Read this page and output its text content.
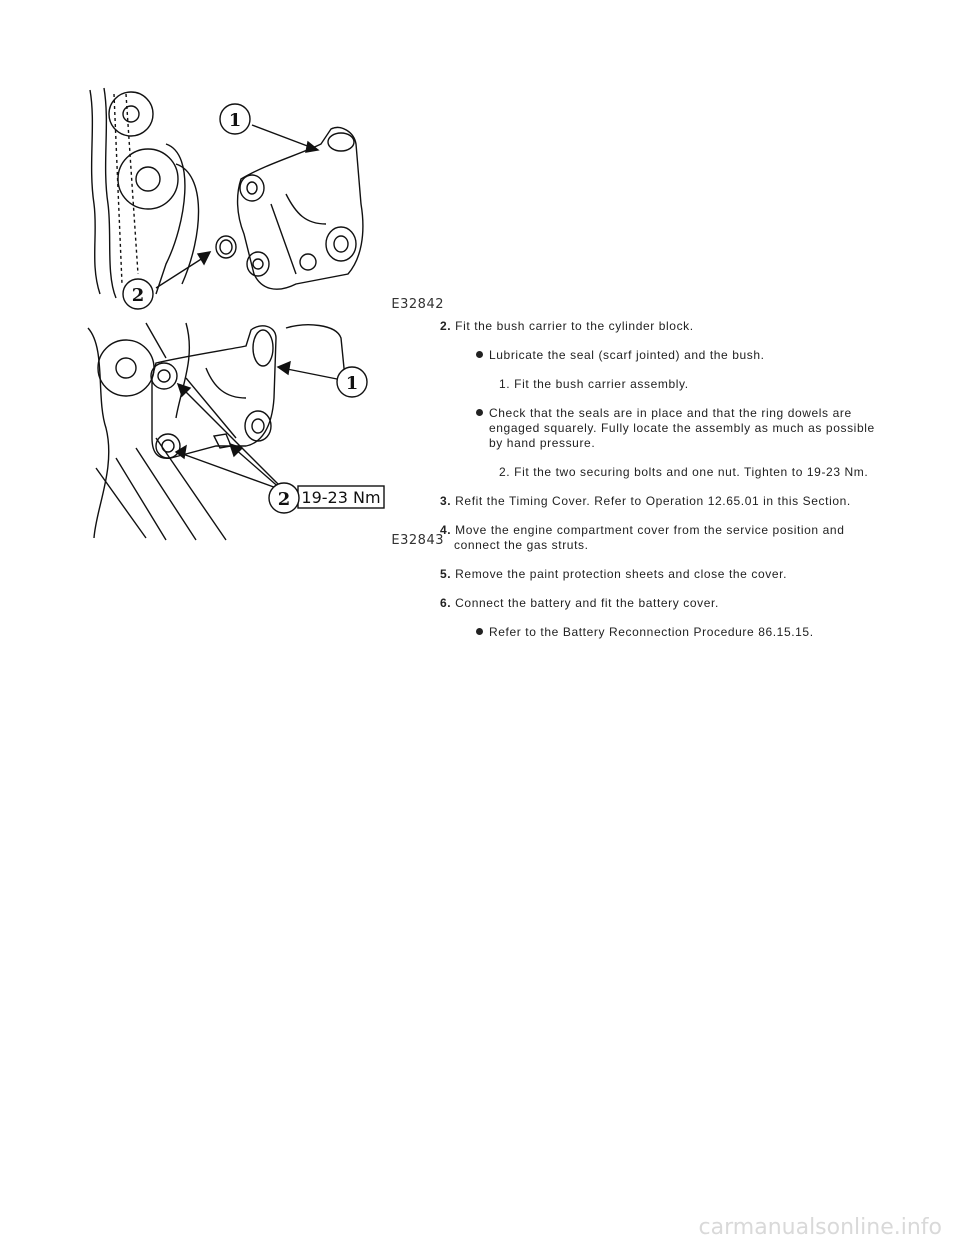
1
2	E32842
1
2 19-23 Nm
E32843

2. Fit the bush carrier to the cylinder block.

Lubricate the seal (scarf jointed) and the bush.

1. Fit the bush carrier assembly.

Check that the seals are in place and that the ring dowels are engaged squarely. Fully locate the assembly as much as possible by hand pressure.

2. Fit the two securing bolts and one nut. Tighten to 19-23 Nm.

3. Refit the Timing Cover. Refer to Operation 12.65.01 in this Section.

4. Move the engine compartment cover from the service position and connect the gas struts.

5. Remove the paint protection sheets and close the cover.

6. Connect the battery and fit the battery cover.

Refer to the Battery Reconnection Procedure 86.15.15.

carmanualsonline.info
